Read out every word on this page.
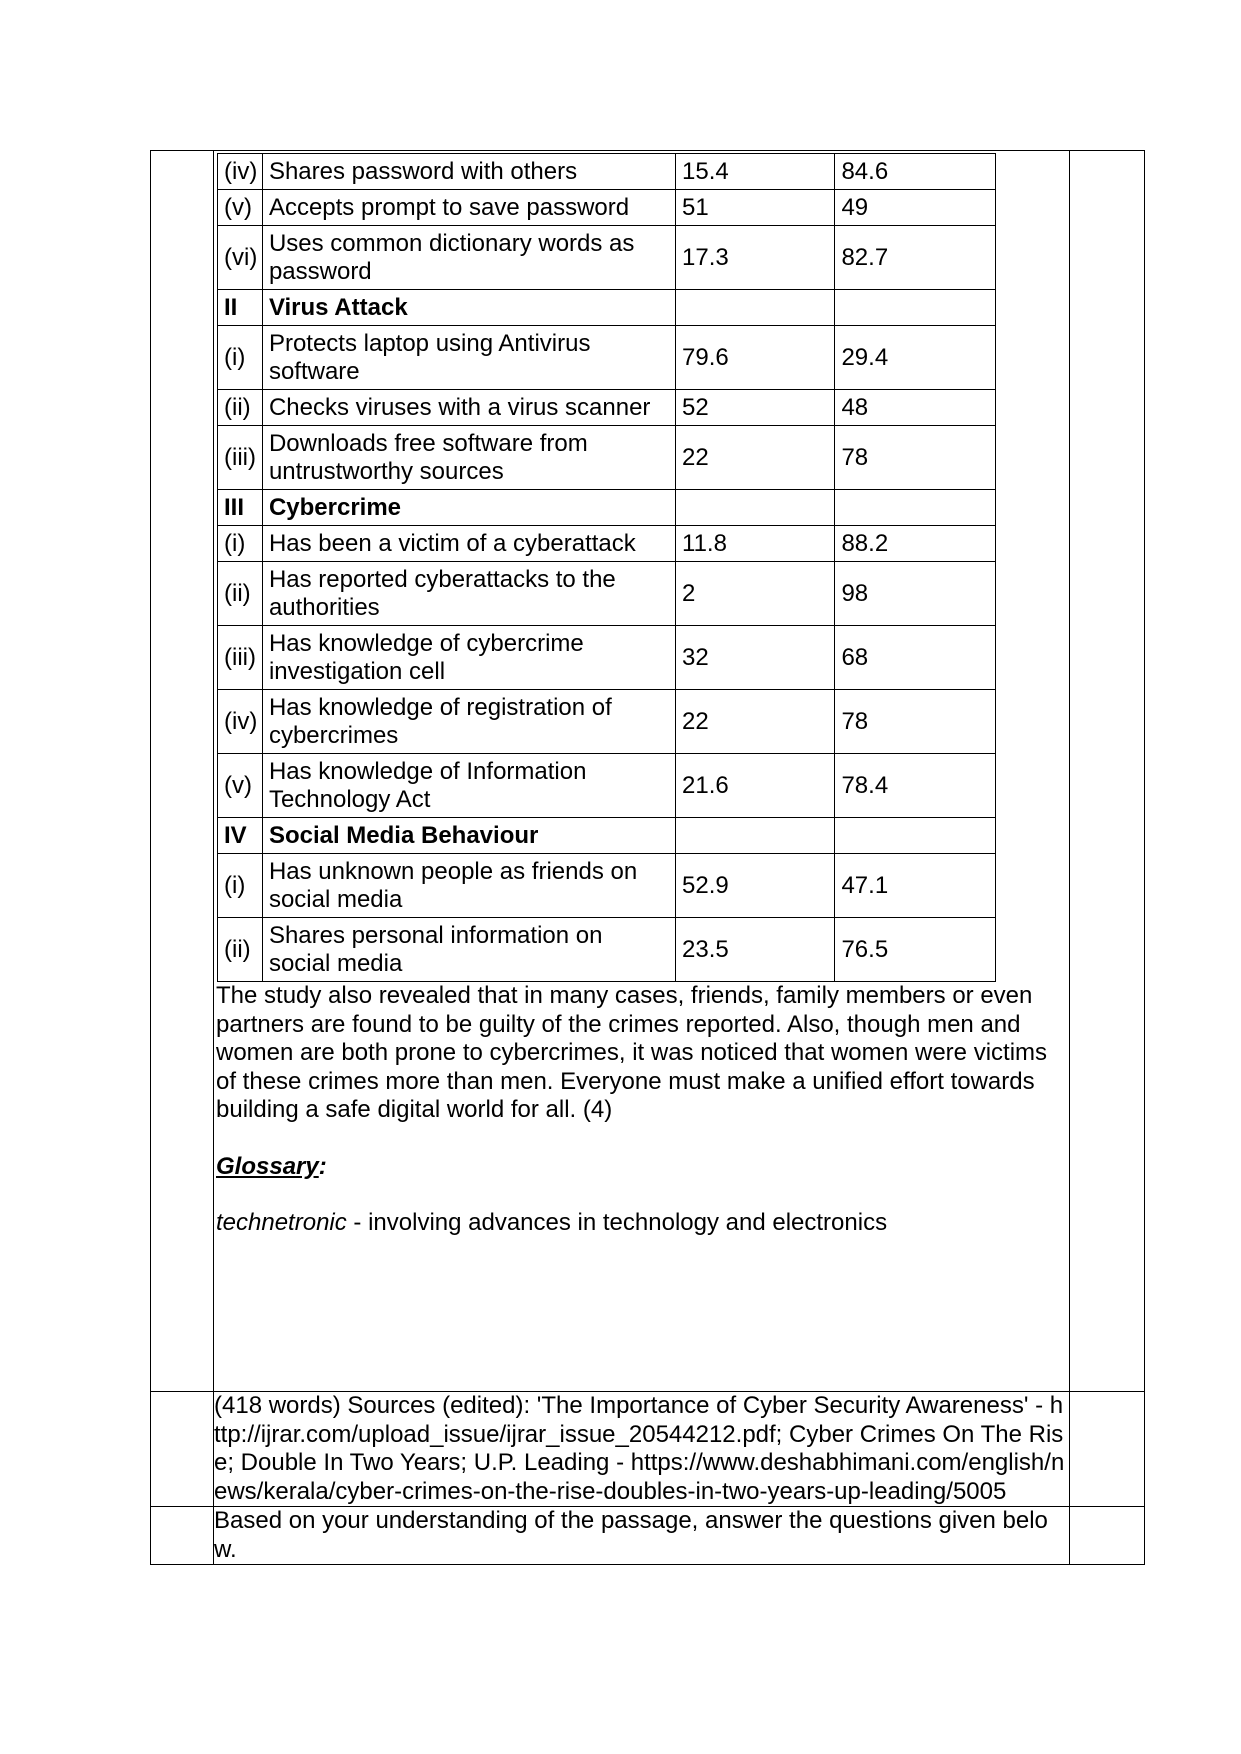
(iv)	Shares password with others	15.4	84.6
(v)	Accepts prompt to save password	51	49
(vi)	Uses common dictionary words as password	17.3	82.7
II	Virus Attack		
(i)	Protects laptop using Antivirus software	79.6	29.4
(ii)	Checks viruses with a virus scanner	52	48
(iii)	Downloads free software from untrustworthy sources	22	78
III	Cybercrime		
(i)	Has been a victim of a cyberattack	11.8	88.2
(ii)	Has reported cyberattacks to the authorities	2	98
(iii)	Has knowledge of cybercrime investigation cell	32	68
(iv)	Has knowledge of registration of cybercrimes	22	78
(v)	Has knowledge of Information Technology Act	21.6	78.4
IV	Social Media Behaviour		
(i)	Has unknown people as friends on social media	52.9	47.1
(ii)	Shares personal information on social media	23.5	76.5

The study also revealed that in many cases, friends, family members or even partners are found to be guilty of the crimes reported. Also, though men and women are both prone to cybercrimes, it was noticed that women were victims of these crimes more than men. Everyone must make a unified effort towards building a safe digital world for all. (4)

Glossary:
technetronic - involving advances in technology and electronics

	(418 words) Sources (edited): 'The Importance of Cyber Security Awareness' - http://ijrar.com/upload_issue/ijrar_issue_20544212.pdf; Cyber Crimes On The Rise; Double In Two Years; U.P. Leading - https://www.deshabhimani.com/english/news/kerala/cyber-crimes-on-the-rise-doubles-in-two-years-up-leading/5005	
	Based on your understanding of the passage, answer the questions given below.	
